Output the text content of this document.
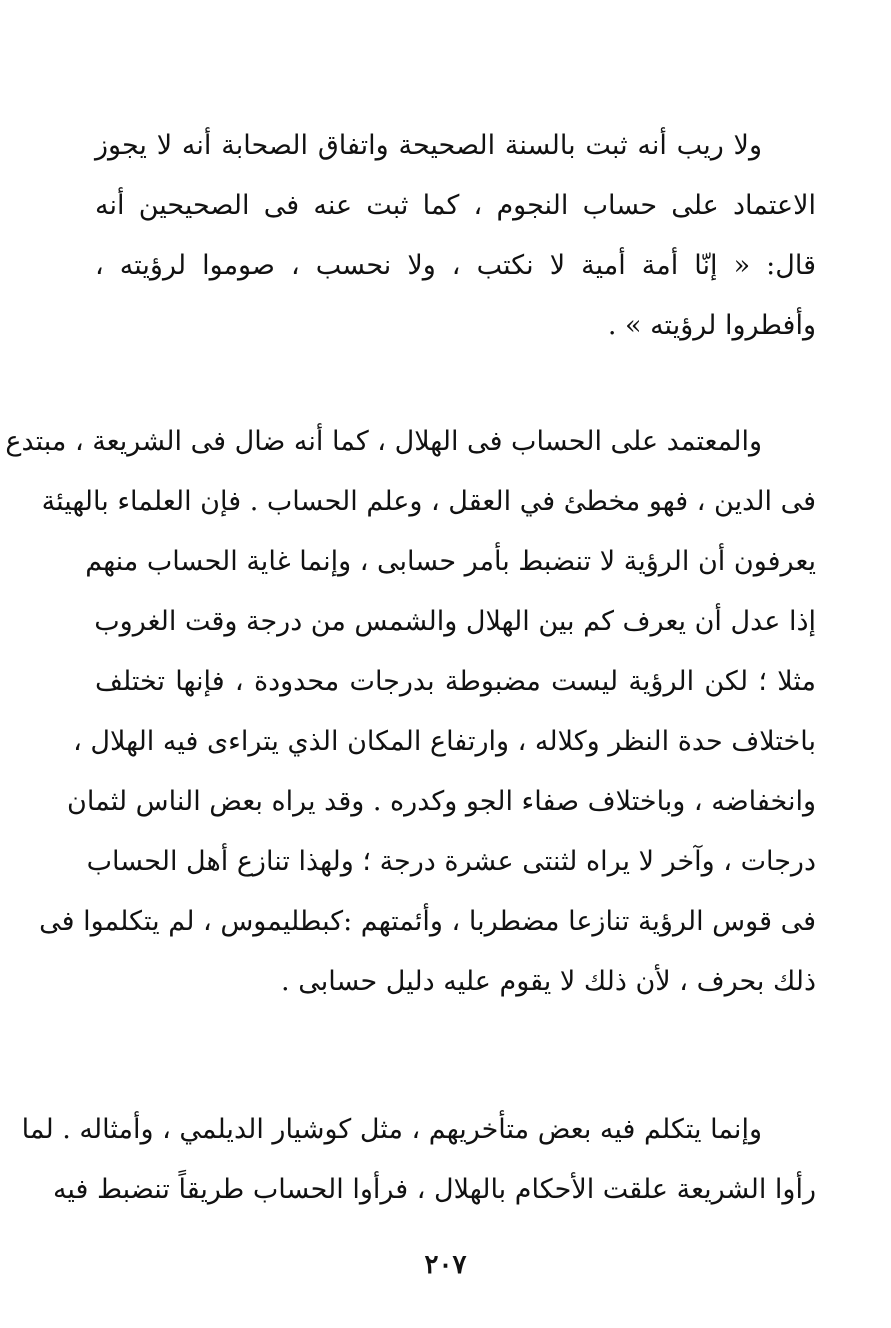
ولا ريب أنه ثبت بالسنة الصحيحة واتفاق الصحابة أنه لا يجوز
الاعتماد على حساب النجوم ، كما ثبت عنه فى الصحيحين أنه
قال: « إنّا أمة أمية لا نكتب ، ولا نحسب ، صوموا لرؤيته ،
وأفطروا لرؤيته » .
والمعتمد على الحساب فى الهلال ، كما أنه ضال فى الشريعة ، مبتدع
فى الدين ، فهو مخطئ في العقل ، وعلم الحساب . فإن العلماء بالهيئة
يعرفون أن الرؤية لا تنضبط بأمر حسابى ، وإنما غاية الحساب منهم
إذا عدل أن يعرف كم بين الهلال والشمس من درجة وقت الغروب
مثلا ؛ لكن الرؤية ليست مضبوطة بدرجات محدودة ، فإنها تختلف
باختلاف حدة النظر وكلاله ، وارتفاع المكان الذي يتراءى فيه الهلال ،
وانخفاضه ، وباختلاف صفاء الجو وكدره . وقد يراه بعض الناس لثمان
درجات ، وآخر لا يراه لثنتى عشرة درجة ؛ ولهذا تنازع أهل الحساب
فى قوس الرؤية تنازعا مضطربا ، وأئمتهم :كبطليموس ، لم يتكلموا فى
ذلك بحرف ، لأن ذلك لا يقوم عليه دليل حسابى .
وإنما يتكلم فيه بعض متأخريهم ، مثل كوشيار الديلمي ، وأمثاله . لما
رأوا الشريعة علقت الأحكام بالهلال ، فرأوا الحساب طريقاً تنضبط فيه
٢٠٧
